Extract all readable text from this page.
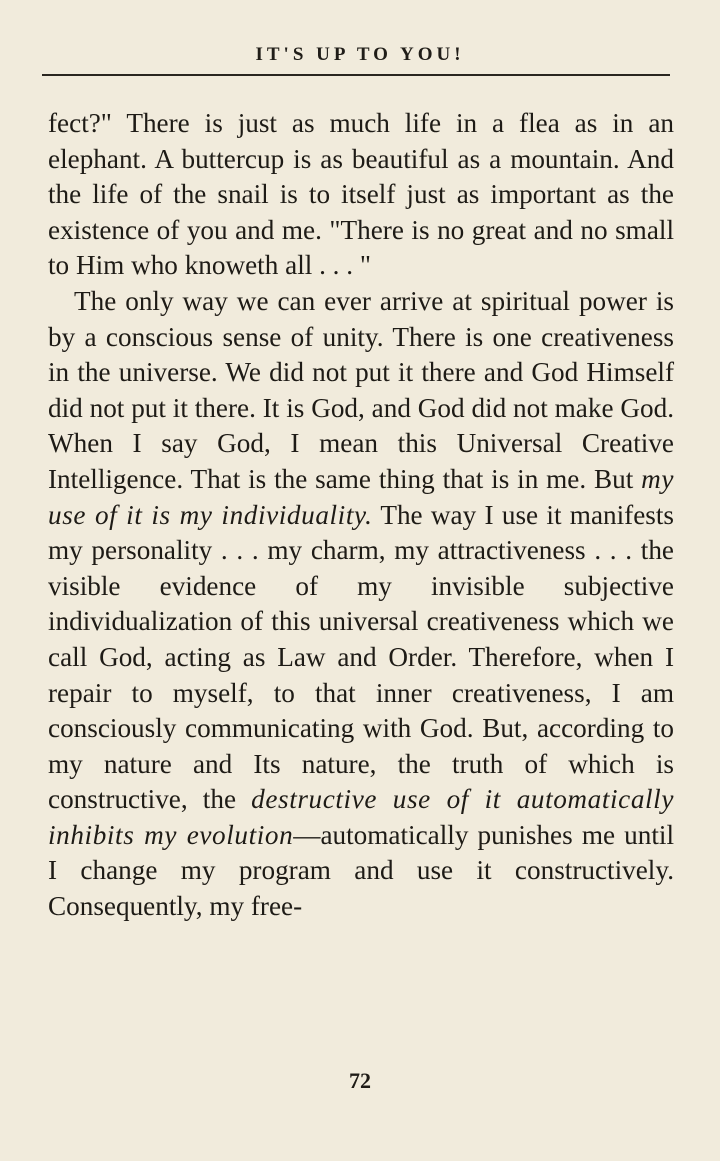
IT'S UP TO YOU!

fect?" There is just as much life in a flea as in an elephant. A buttercup is as beautiful as a mountain. And the life of the snail is to itself just as important as the existence of you and me. "There is no great and no small to Him who knoweth all . . . "

The only way we can ever arrive at spiritual power is by a conscious sense of unity. There is one creativeness in the universe. We did not put it there and God Himself did not put it there. It is God, and God did not make God. When I say God, I mean this Universal Creative Intelligence. That is the same thing that is in me. But my use of it is my individuality. The way I use it manifests my personality . . . my charm, my attractiveness . . . the visible evidence of my invisible subjective individualization of this universal creativeness which we call God, acting as Law and Order. Therefore, when I repair to myself, to that inner creativeness, I am consciously communicating with God. But, according to my nature and Its nature, the truth of which is constructive, the destructive use of it automatically inhibits my evolution—automatically punishes me until I change my program and use it constructively. Consequently, my free-

72
